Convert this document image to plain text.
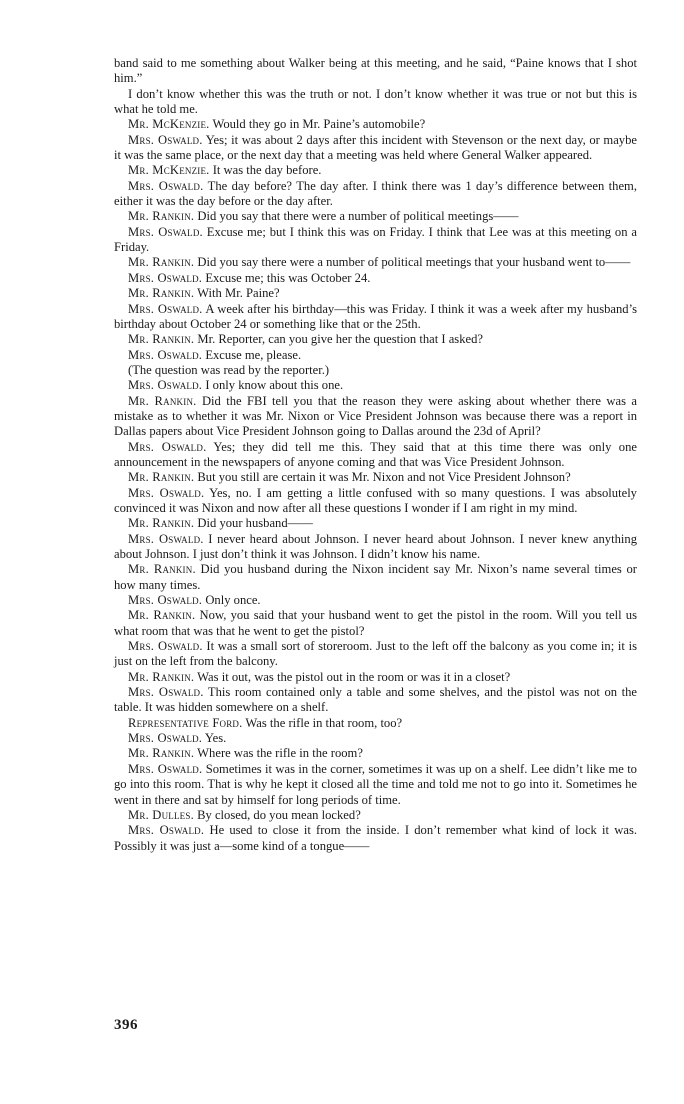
band said to me something about Walker being at this meeting, and he said, “Paine knows that I shot him.”

I don’t know whether this was the truth or not. I don’t know whether it was true or not but this is what he told me.

Mr. McKenzie. Would they go in Mr. Paine’s automobile?

Mrs. Oswald. Yes; it was about 2 days after this incident with Stevenson or the next day, or maybe it was the same place, or the next day that a meeting was held where General Walker appeared.

Mr. McKenzie. It was the day before.

Mrs. Oswald. The day before? The day after. I think there was 1 day’s difference between them, either it was the day before or the day after.

Mr. Rankin. Did you say that there were a number of political meetings——

Mrs. Oswald. Excuse me; but I think this was on Friday. I think that Lee was at this meeting on a Friday.

Mr. Rankin. Did you say there were a number of political meetings that your husband went to——

Mrs. Oswald. Excuse me; this was October 24.

Mr. Rankin. With Mr. Paine?

Mrs. Oswald. A week after his birthday—this was Friday. I think it was a week after my husband’s birthday about October 24 or something like that or the 25th.

Mr. Rankin. Mr. Reporter, can you give her the question that I asked?

Mrs. Oswald. Excuse me, please.

(The question was read by the reporter.)

Mrs. Oswald. I only know about this one.

Mr. Rankin. Did the FBI tell you that the reason they were asking about whether there was a mistake as to whether it was Mr. Nixon or Vice President Johnson was because there was a report in Dallas papers about Vice President Johnson going to Dallas around the 23d of April?

Mrs. Oswald. Yes; they did tell me this. They said that at this time there was only one announcement in the newspapers of anyone coming and that was Vice President Johnson.

Mr. Rankin. But you still are certain it was Mr. Nixon and not Vice President Johnson?

Mrs. Oswald. Yes, no. I am getting a little confused with so many questions. I was absolutely convinced it was Nixon and now after all these questions I wonder if I am right in my mind.

Mr. Rankin. Did your husband——

Mrs. Oswald. I never heard about Johnson. I never heard about Johnson. I never knew anything about Johnson. I just don’t think it was Johnson. I didn’t know his name.

Mr. Rankin. Did you husband during the Nixon incident say Mr. Nixon’s name several times or how many times.

Mrs. Oswald. Only once.

Mr. Rankin. Now, you said that your husband went to get the pistol in the room. Will you tell us what room that was that he went to get the pistol?

Mrs. Oswald. It was a small sort of storeroom. Just to the left off the balcony as you come in; it is just on the left from the balcony.

Mr. Rankin. Was it out, was the pistol out in the room or was it in a closet?

Mrs. Oswald. This room contained only a table and some shelves, and the pistol was not on the table. It was hidden somewhere on a shelf.

Representative Ford. Was the rifle in that room, too?

Mrs. Oswald. Yes.

Mr. Rankin. Where was the rifle in the room?

Mrs. Oswald. Sometimes it was in the corner, sometimes it was up on a shelf. Lee didn’t like me to go into this room. That is why he kept it closed all the time and told me not to go into it. Sometimes he went in there and sat by himself for long periods of time.

Mr. Dulles. By closed, do you mean locked?

Mrs. Oswald. He used to close it from the inside. I don’t remember what kind of lock it was. Possibly it was just a—some kind of a tongue——

396
